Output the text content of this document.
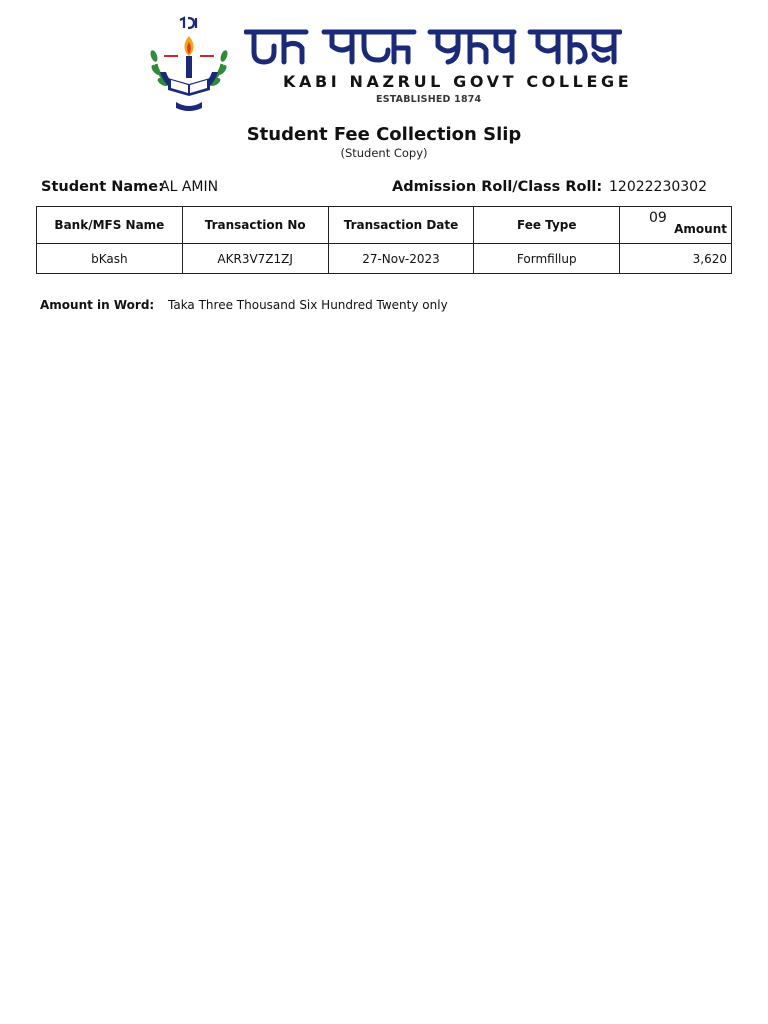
KABI NAZRUL GOVT COLLEGE
ESTABLISHED 1874
Student Fee Collection Slip
(Student Copy)
Student Name:
AL AMIN	Admission Roll/Class Roll: 12022230302
Bank/MFS Name	Transaction No	Transaction Date	Fee Type	Amount
bKash	AKR3V7Z1ZJ	27-Nov-2023	Formfillup	3,620
09
Amount in Word: Taka Three Thousand Six Hundred Twenty only
